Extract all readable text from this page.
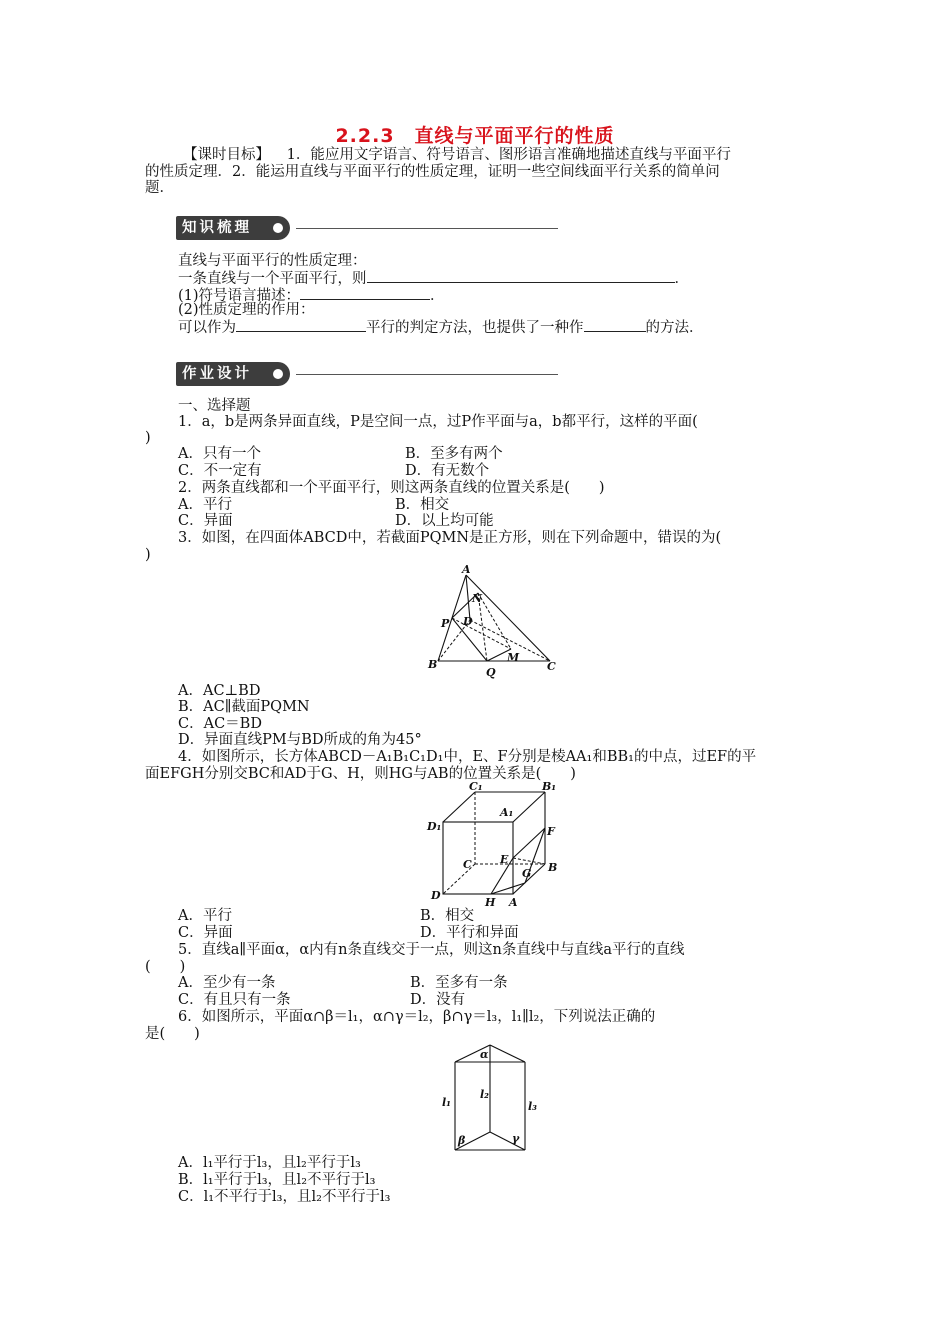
2.2.3　直线与平面平行的性质
【课时目标】 1．能应用文字语言、符号语言、图形语言准确地描述直线与平面平行
的性质定理．2．能运用直线与平面平行的性质定理，证明一些空间线面平行关系的简单问
题．
知识梳理
直线与平面平行的性质定理：
一条直线与一个平面平行，则	．
(1)符号语言描述：	．
(2)性质定理的作用：
可以作为	平行的判定方法，也提供了一种作	的方法．
作业设计
一、选择题
1．a，b是两条异面直线，P是空间一点，过P作平面与a，b都平行，这样的平面(
)
A．只有一个	B．至多有两个
C．不一定有	D．有无数个
2．两条直线都和一个平面平行，则这两条直线的位置关系是(　　)
A．平行	B．相交
C．异面	D．以上均可能
3．如图，在四面体ABCD中，若截面PQMN是正方形，则在下列命题中，错误的为(
)
A
B	C
D
N
P
Q
M
A．AC⊥BD
B．AC∥截面PQMN
C．AC＝BD
D．异面直线PM与BD所成的角为45°
4．如图所示，长方体ABCD－A₁B₁C₁D₁中，E、F分别是棱AA₁和BB₁的中点，过EF的平
面EFGH分别交BC和AD于G、H，则HG与AB的位置关系是(　　)
C₁	B₁
A₁
D₁	F
C	E
B
G
D
H A
A．平行	B．相交
C．异面	D．平行和异面
5．直线a∥平面α，α内有n条直线交于一点，则这n条直线中与直线a平行的直线
(　　)
A．至少有一条	B．至多有一条
C．有且只有一条	D．没有
6．如图所示，平面α∩β＝l₁，α∩γ＝l₂，β∩γ＝l₃，l₁∥l₂，下列说法正确的
是(　　)
α
l₂
l₁	l₃
β	γ
A．l₁平行于l₃，且l₂平行于l₃
B．l₁平行于l₃，且l₂不平行于l₃
C．l₁不平行于l₃，且l₂不平行于l₃
